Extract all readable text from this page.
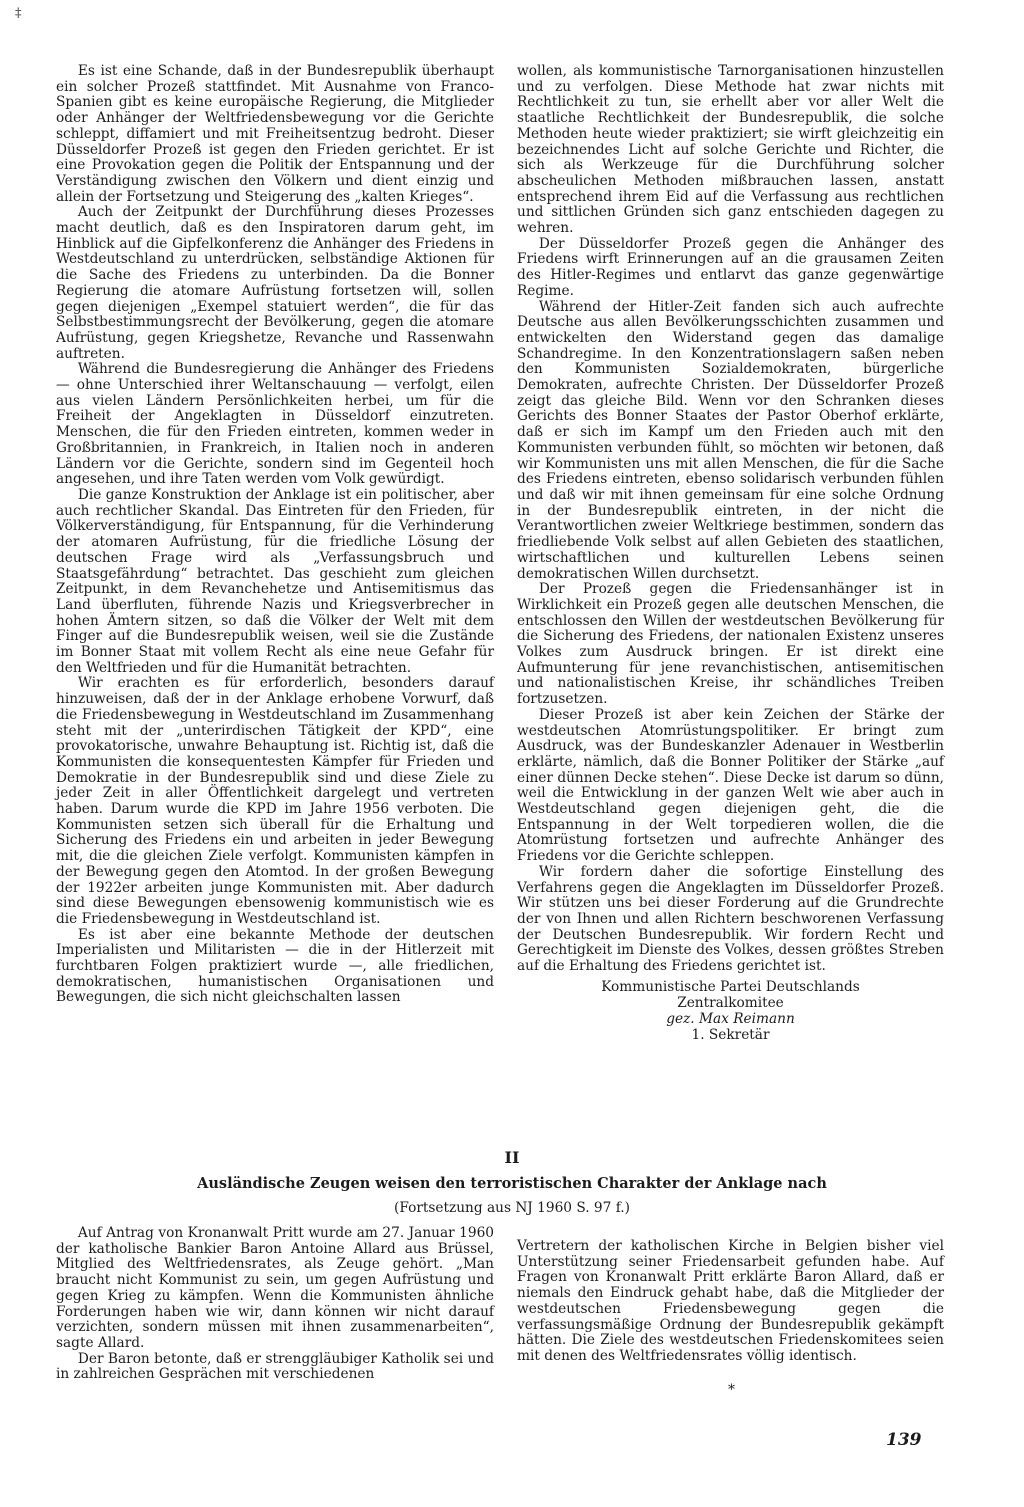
‡

Es ist eine Schande, daß in der Bundesrepublik überhaupt ein solcher Prozeß stattfindet. Mit Ausnahme von Franco-Spanien gibt es keine europäische Regierung, die Mitglieder oder Anhänger der Weltfriedensbewegung vor die Gerichte schleppt, diffamiert und mit Freiheitsentzug bedroht. Dieser Düsseldorfer Prozeß ist gegen den Frieden gerichtet. Er ist eine Provokation gegen die Politik der Entspannung und der Verständigung zwischen den Völkern und dient einzig und allein der Fortsetzung und Steigerung des „kalten Krieges“.

Auch der Zeitpunkt der Durchführung dieses Prozesses macht deutlich, daß es den Inspiratoren darum geht, im Hinblick auf die Gipfelkonferenz die Anhänger des Friedens in Westdeutschland zu unterdrücken, selbständige Aktionen für die Sache des Friedens zu unterbinden. Da die Bonner Regierung die atomare Aufrüstung fortsetzen will, sollen gegen diejenigen „Exempel statuiert werden“, die für das Selbstbestimmungsrecht der Bevölkerung, gegen die atomare Aufrüstung, gegen Kriegshetze, Revanche und Rassenwahn auftreten.

Während die Bundesregierung die Anhänger des Friedens — ohne Unterschied ihrer Weltanschauung — verfolgt, eilen aus vielen Ländern Persönlichkeiten herbei, um für die Freiheit der Angeklagten in Düsseldorf einzutreten. Menschen, die für den Frieden eintreten, kommen weder in Großbritannien, in Frankreich, in Italien noch in anderen Ländern vor die Gerichte, sondern sind im Gegenteil hoch angesehen, und ihre Taten werden vom Volk gewürdigt.

Die ganze Konstruktion der Anklage ist ein politischer, aber auch rechtlicher Skandal. Das Eintreten für den Frieden, für Völkerverständigung, für Entspannung, für die Verhinderung der atomaren Aufrüstung, für die friedliche Lösung der deutschen Frage wird als „Verfassungsbruch und Staatsgefährdung“ betrachtet. Das geschieht zum gleichen Zeitpunkt, in dem Revanchehetze und Antisemitismus das Land überfluten, führende Nazis und Kriegsverbrecher in hohen Ämtern sitzen, so daß die Völker der Welt mit dem Finger auf die Bundesrepublik weisen, weil sie die Zustände im Bonner Staat mit vollem Recht als eine neue Gefahr für den Weltfrieden und für die Humanität betrachten.

Wir erachten es für erforderlich, besonders darauf hinzuweisen, daß der in der Anklage erhobene Vorwurf, daß die Friedensbewegung in Westdeutschland im Zusammenhang steht mit der „unterirdischen Tätigkeit der KPD“, eine provokatorische, unwahre Behauptung ist. Richtig ist, daß die Kommunisten die konsequentesten Kämpfer für Frieden und Demokratie in der Bundesrepublik sind und diese Ziele zu jeder Zeit in aller Öffentlichkeit dargelegt und vertreten haben. Darum wurde die KPD im Jahre 1956 verboten. Die Kommunisten setzen sich überall für die Erhaltung und Sicherung des Friedens ein und arbeiten in jeder Bewegung mit, die die gleichen Ziele verfolgt. Kommunisten kämpfen in der Bewegung gegen den Atomtod. In der großen Bewegung der 1922er arbeiten junge Kommunisten mit. Aber dadurch sind diese Bewegungen ebensowenig kommunistisch wie es die Friedensbewegung in Westdeutschland ist.

Es ist aber eine bekannte Methode der deutschen Imperialisten und Militaristen — die in der Hitlerzeit mit furchtbaren Folgen praktiziert wurde —, alle friedlichen, demokratischen, humanistischen Organisationen und Bewegungen, die sich nicht gleichschalten lassen

wollen, als kommunistische Tarnorganisationen hinzustellen und zu verfolgen. Diese Methode hat zwar nichts mit Rechtlichkeit zu tun, sie erhellt aber vor aller Welt die staatliche Rechtlichkeit der Bundesrepublik, die solche Methoden heute wieder praktiziert; sie wirft gleichzeitig ein bezeichnendes Licht auf solche Gerichte und Richter, die sich als Werkzeuge für die Durchführung solcher abscheulichen Methoden mißbrauchen lassen, anstatt entsprechend ihrem Eid auf die Verfassung aus rechtlichen und sittlichen Gründen sich ganz entschieden dagegen zu wehren.

Der Düsseldorfer Prozeß gegen die Anhänger des Friedens wirft Erinnerungen auf an die grausamen Zeiten des Hitler-Regimes und entlarvt das ganze gegenwärtige Regime.

Während der Hitler-Zeit fanden sich auch aufrechte Deutsche aus allen Bevölkerungsschichten zusammen und entwickelten den Widerstand gegen das damalige Schandregime. In den Konzentrationslagern saßen neben den Kommunisten Sozialdemokraten, bürgerliche Demokraten, aufrechte Christen. Der Düsseldorfer Prozeß zeigt das gleiche Bild. Wenn vor den Schranken dieses Gerichts des Bonner Staates der Pastor Oberhof erklärte, daß er sich im Kampf um den Frieden auch mit den Kommunisten verbunden fühlt, so möchten wir betonen, daß wir Kommunisten uns mit allen Menschen, die für die Sache des Friedens eintreten, ebenso solidarisch verbunden fühlen und daß wir mit ihnen gemeinsam für eine solche Ordnung in der Bundesrepublik eintreten, in der nicht die Verantwortlichen zweier Weltkriege bestimmen, sondern das friedliebende Volk selbst auf allen Gebieten des staatlichen, wirtschaftlichen und kulturellen Lebens seinen demokratischen Willen durchsetzt.

Der Prozeß gegen die Friedensanhänger ist in Wirklichkeit ein Prozeß gegen alle deutschen Menschen, die entschlossen den Willen der westdeutschen Bevölkerung für die Sicherung des Friedens, der nationalen Existenz unseres Volkes zum Ausdruck bringen. Er ist direkt eine Aufmunterung für jene revanchistischen, antisemitischen und nationalistischen Kreise, ihr schändliches Treiben fortzusetzen.

Dieser Prozeß ist aber kein Zeichen der Stärke der westdeutschen Atomrüstungspolitiker. Er bringt zum Ausdruck, was der Bundeskanzler Adenauer in Westberlin erklärte, nämlich, daß die Bonner Politiker der Stärke „auf einer dünnen Decke stehen“. Diese Decke ist darum so dünn, weil die Entwicklung in der ganzen Welt wie aber auch in Westdeutschland gegen diejenigen geht, die die Entspannung in der Welt torpedieren wollen, die die Atomrüstung fortsetzen und aufrechte Anhänger des Friedens vor die Gerichte schleppen.

Wir fordern daher die sofortige Einstellung des Verfahrens gegen die Angeklagten im Düsseldorfer Prozeß. Wir stützen uns bei dieser Forderung auf die Grundrechte der von Ihnen und allen Richtern beschworenen Verfassung der Deutschen Bundesrepublik. Wir fordern Recht und Gerechtigkeit im Dienste des Volkes, dessen größtes Streben auf die Erhaltung des Friedens gerichtet ist.

Kommunistische Partei Deutschlands
Zentralkomitee
gez. Max Reimann
1. Sekretär
II
Ausländische Zeugen weisen den terroristischen Charakter der Anklage nach
(Fortsetzung aus NJ 1960 S. 97 f.)

Auf Antrag von Kronanwalt Pritt wurde am 27. Januar 1960 der katholische Bankier Baron Antoine Allard aus Brüssel, Mitglied des Weltfriedensrates, als Zeuge gehört. „Man braucht nicht Kommunist zu sein, um gegen Aufrüstung und gegen Krieg zu kämpfen. Wenn die Kommunisten ähnliche Forderungen haben wie wir, dann können wir nicht darauf verzichten, sondern müssen mit ihnen zusammenarbeiten“, sagte Allard.

Der Baron betonte, daß er strenggläubiger Katholik sei und in zahlreichen Gesprächen mit verschiedenen

Vertretern der katholischen Kirche in Belgien bisher viel Unterstützung seiner Friedensarbeit gefunden habe. Auf Fragen von Kronanwalt Pritt erklärte Baron Allard, daß er niemals den Eindruck gehabt habe, daß die Mitglieder der westdeutschen Friedensbewegung gegen die verfassungsmäßige Ordnung der Bundesrepublik gekämpft hätten. Die Ziele des westdeutschen Friedenskomitees seien mit denen des Weltfriedensrates völlig identisch.

*
139
